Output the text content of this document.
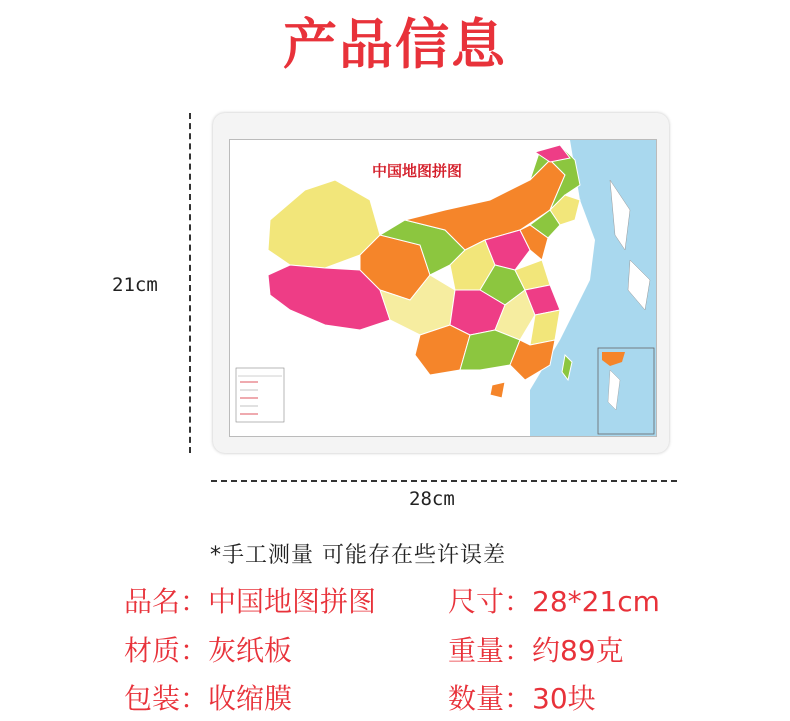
产品信息
21cm
中国地图拼图
28cm
*手工测量 可能存在些许误差
品名：中国地图拼图	尺寸：28*21cm
材质：灰纸板	重量：约89克
包装：收缩膜	数量：30块
